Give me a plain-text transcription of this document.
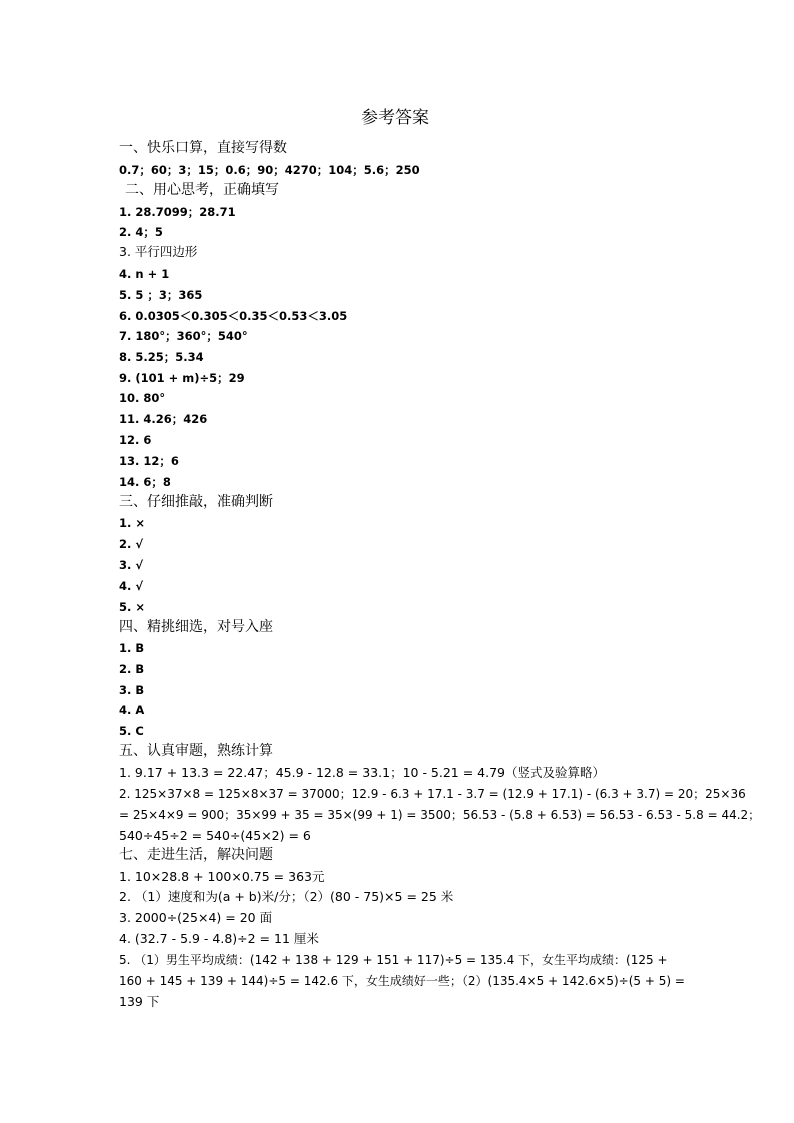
参考答案
一、快乐口算，直接写得数
0.7；60；3；15；0.6；90；4270；104；5.6；250
二、用心思考，正确填写
1. 28.7099；28.71
2. 4；5
3. 平行四边形
4. n + 1
5. 5 ；3；365
6. 0.0305＜0.305＜0.35＜0.53＜3.05
7. 180°；360°；540°
8. 5.25；5.34
9. (101 + m)÷5；29
10. 80°
11. 4.26；426
12. 6
13. 12；6
14. 6；8
三、仔细推敲，准确判断
1. ×
2. √
3. √
4. √
5. ×
四、精挑细选，对号入座
1. B
2. B
3. B
4. A
5. C
五、认真审题，熟练计算
1. 9.17 + 13.3 = 22.47；45.9 - 12.8 = 33.1；10 - 5.21 = 4.79（竖式及验算略）
2. 125×37×8 = 125×8×37 = 37000；12.9 - 6.3 + 17.1 - 3.7 = (12.9 + 17.1) - (6.3 + 3.7) = 20；25×36
= 25×4×9 = 900；35×99 + 35 = 35×(99 + 1) = 3500；56.53 - (5.8 + 6.53) = 56.53 - 6.53 - 5.8 = 44.2；
540÷45÷2 = 540÷(45×2) = 6
七、走进生活，解决问题
1. 10×28.8 + 100×0.75 = 363元
2. （1）速度和为(a + b)米/分；（2）(80 - 75)×5 = 25 米
3. 2000÷(25×4) = 20 面
4. (32.7 - 5.9 - 4.8)÷2 = 11 厘米
5. （1）男生平均成绩：(142 + 138 + 129 + 151 + 117)÷5 = 135.4 下，女生平均成绩：(125 +
160 + 145 + 139 + 144)÷5 = 142.6 下，女生成绩好一些；（2）(135.4×5 + 142.6×5)÷(5 + 5) =
139 下
